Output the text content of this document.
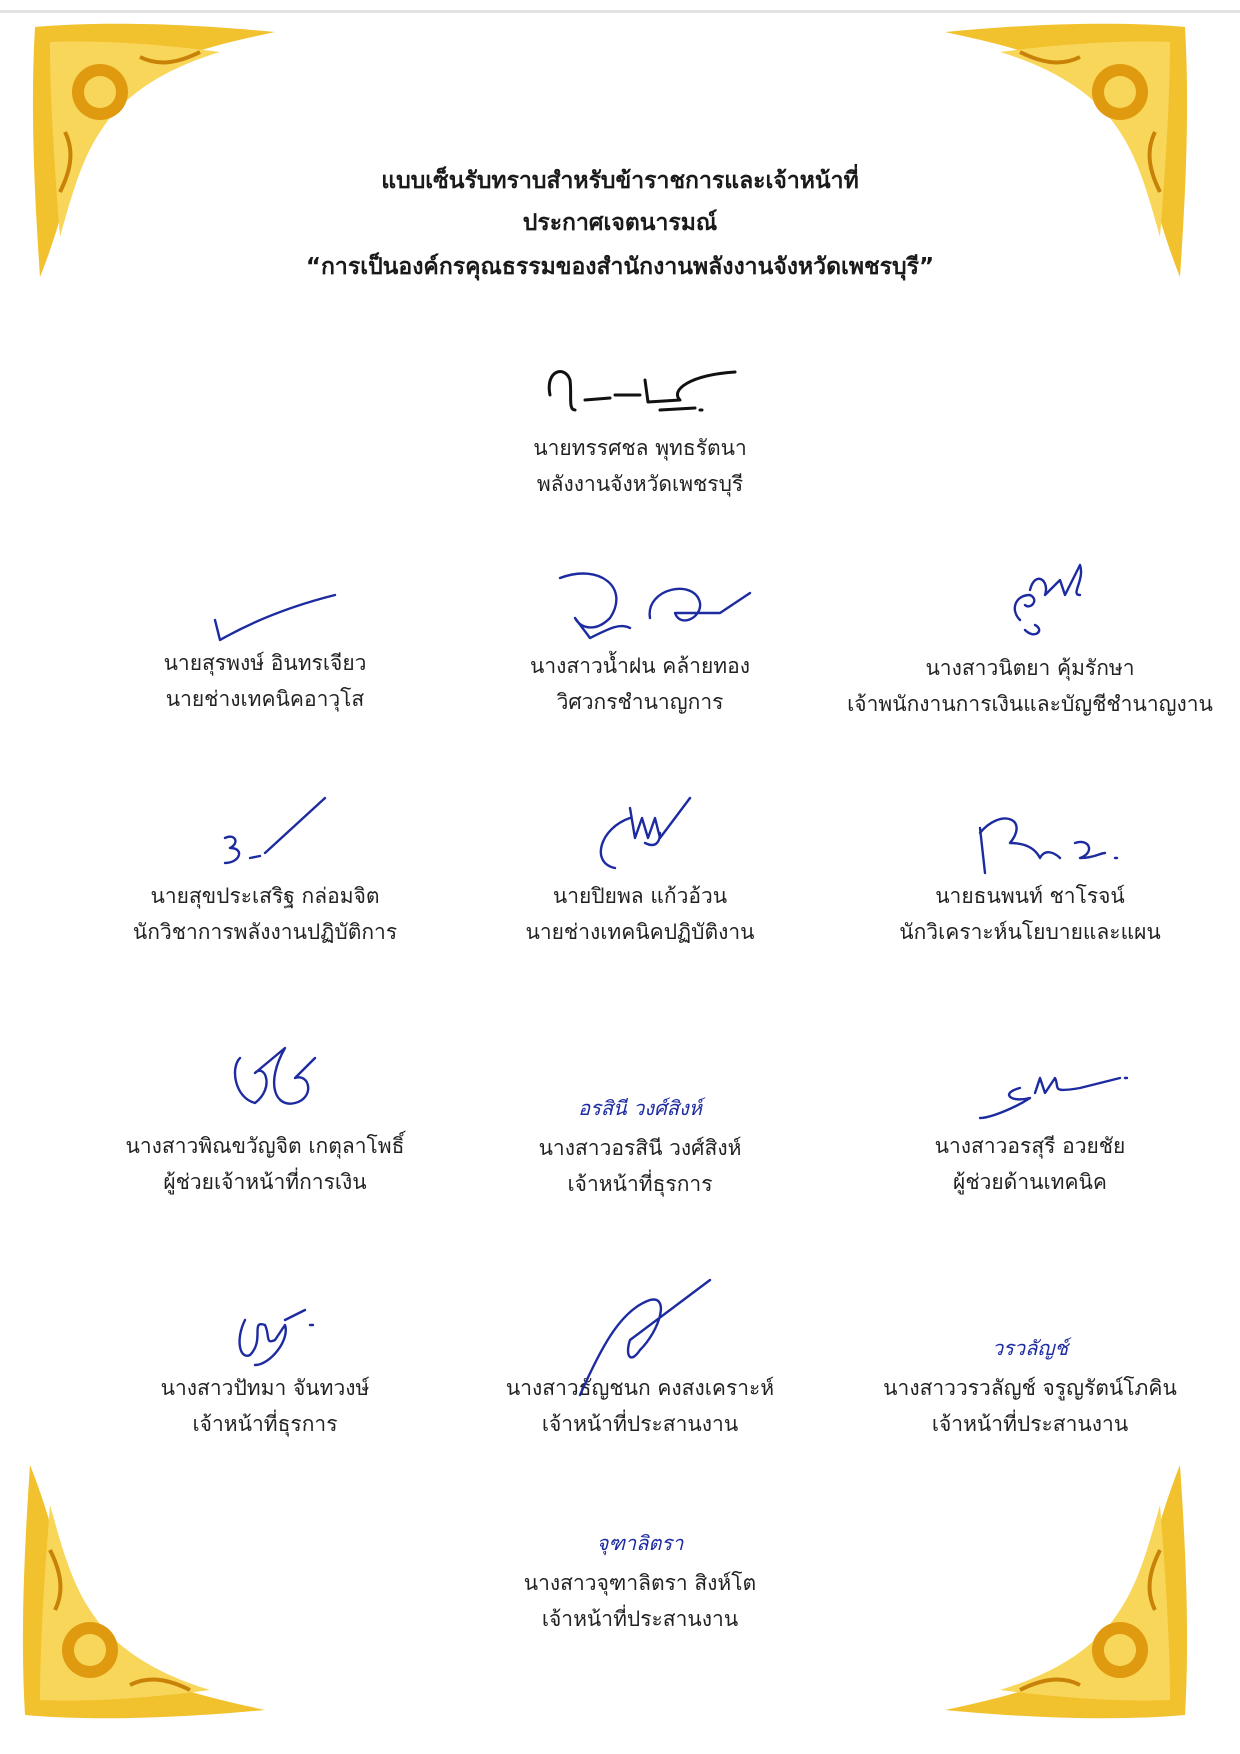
แบบเซ็นรับทราบสำหรับข้าราชการและเจ้าหน้าที่
ประกาศเจตนารมณ์
“การเป็นองค์กรคุณธรรมของสำนักงานพลังงานจังหวัดเพชรบุรี”
นายทรรศชล พุทธรัตนา
พลังงานจังหวัดเพชรบุรี
นายสุรพงษ์ อินทรเจียว
นายช่างเทคนิคอาวุโส
นางสาวน้ำฝน คล้ายทอง
วิศวกรชำนาญการ
นางสาวนิตยา คุ้มรักษา
เจ้าพนักงานการเงินและบัญชีชำนาญงาน
นายสุขประเสริฐ กล่อมจิต
นักวิชาการพลังงานปฏิบัติการ
นายปิยพล แก้วอ้วน
นายช่างเทคนิคปฏิบัติงาน
นายธนพนท์ ชาโรจน์
นักวิเคราะห์นโยบายและแผน
นางสาวพิณขวัญจิต เกตุลาโพธิ์
ผู้ช่วยเจ้าหน้าที่การเงิน
อรสินี วงศ์สิงห์
นางสาวอรสินี วงศ์สิงห์
เจ้าหน้าที่ธุรการ
นางสาวอรสุรี อวยชัย
ผู้ช่วยด้านเทคนิค
นางสาวปัทมา จันทวงษ์
เจ้าหน้าที่ธุรการ
นางสาวธัญชนก คงสงเคราะห์
เจ้าหน้าที่ประสานงาน
วรวลัญช์
นางสาววรวลัญช์ จรูญรัตน์โภคิน
เจ้าหน้าที่ประสานงาน
จุฑาลิตรา
นางสาวจุฑาลิตรา สิงห์โต
เจ้าหน้าที่ประสานงาน
